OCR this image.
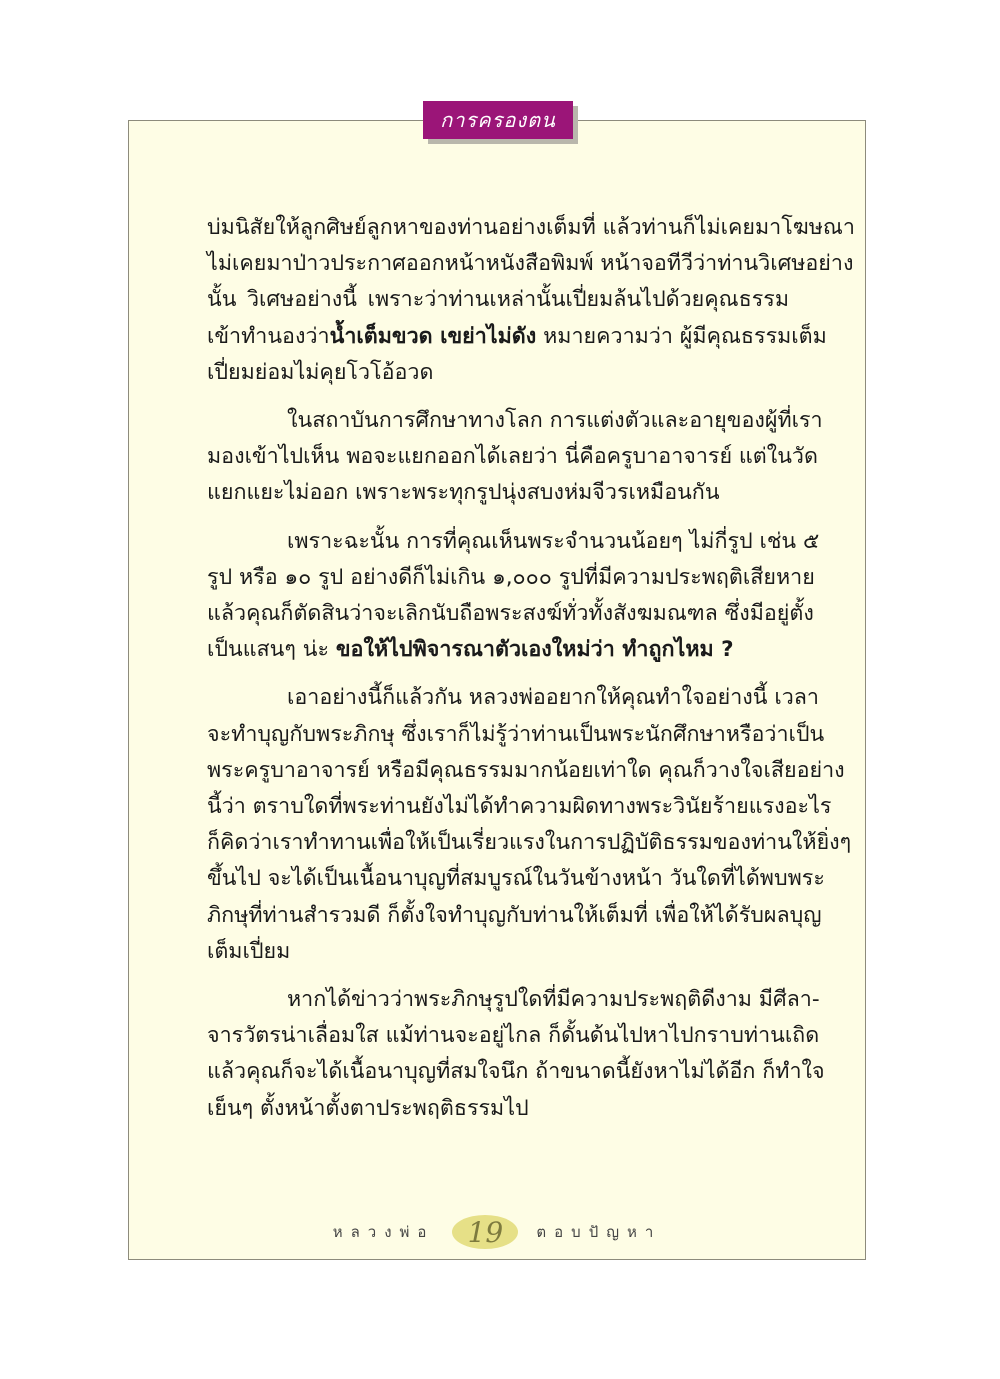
การครองตน
บ่มนิสัยให้ลูกศิษย์ลูกหาของท่านอย่างเต็มที่ แล้วท่านก็ไม่เคยมาโฆษณา
ไม่เคยมาป่าวประกาศออกหน้าหนังสือพิมพ์ หน้าจอทีวีว่าท่านวิเศษอย่าง
นั้น วิเศษอย่างนี้ เพราะว่าท่านเหล่านั้นเปี่ยมล้นไปด้วยคุณธรรม
เข้าทำนองว่าน้ำเต็มขวด เขย่าไม่ดัง หมายความว่า ผู้มีคุณธรรมเต็ม
เปี่ยมย่อมไม่คุยโวโอ้อวด
ในสถาบันการศึกษาทางโลก การแต่งตัวและอายุของผู้ที่เรา
มองเข้าไปเห็น พอจะแยกออกได้เลยว่า นี่คือครูบาอาจารย์ แต่ในวัด
แยกแยะไม่ออก เพราะพระทุกรูปนุ่งสบงห่มจีวรเหมือนกัน
เพราะฉะนั้น การที่คุณเห็นพระจำนวนน้อยๆ ไม่กี่รูป เช่น ๕
รูป หรือ ๑๐ รูป อย่างดีก็ไม่เกิน ๑,๐๐๐ รูปที่มีความประพฤติเสียหาย
แล้วคุณก็ตัดสินว่าจะเลิกนับถือพระสงฆ์ทั่วทั้งสังฆมณฑล ซึ่งมีอยู่ตั้ง
เป็นแสนๆ น่ะ ขอให้ไปพิจารณาตัวเองใหม่ว่า ทำถูกไหม ?
เอาอย่างนี้ก็แล้วกัน หลวงพ่ออยากให้คุณทำใจอย่างนี้ เวลา
จะทำบุญกับพระภิกษุ ซึ่งเราก็ไม่รู้ว่าท่านเป็นพระนักศึกษาหรือว่าเป็น
พระครูบาอาจารย์ หรือมีคุณธรรมมากน้อยเท่าใด คุณก็วางใจเสียอย่าง
นี้ว่า ตราบใดที่พระท่านยังไม่ได้ทำความผิดทางพระวินัยร้ายแรงอะไร
ก็คิดว่าเราทำทานเพื่อให้เป็นเรี่ยวแรงในการปฏิบัติธรรมของท่านให้ยิ่งๆ
ขึ้นไป จะได้เป็นเนื้อนาบุญที่สมบูรณ์ในวันข้างหน้า วันใดที่ได้พบพระ
ภิกษุที่ท่านสำรวมดี ก็ตั้งใจทำบุญกับท่านให้เต็มที่ เพื่อให้ได้รับผลบุญ
เต็มเปี่ยม
หากได้ข่าวว่าพระภิกษุรูปใดที่มีความประพฤติดีงาม มีศีลา-
จารวัตรน่าเลื่อมใส แม้ท่านจะอยู่ไกล ก็ดั้นด้นไปหาไปกราบท่านเถิด
แล้วคุณก็จะได้เนื้อนาบุญที่สมใจนึก ถ้าขนาดนี้ยังหาไม่ได้อีก ก็ทำใจ
เย็นๆ ตั้งหน้าตั้งตาประพฤติธรรมไป
หลวงพ่อ 19 ตอบปัญหา
